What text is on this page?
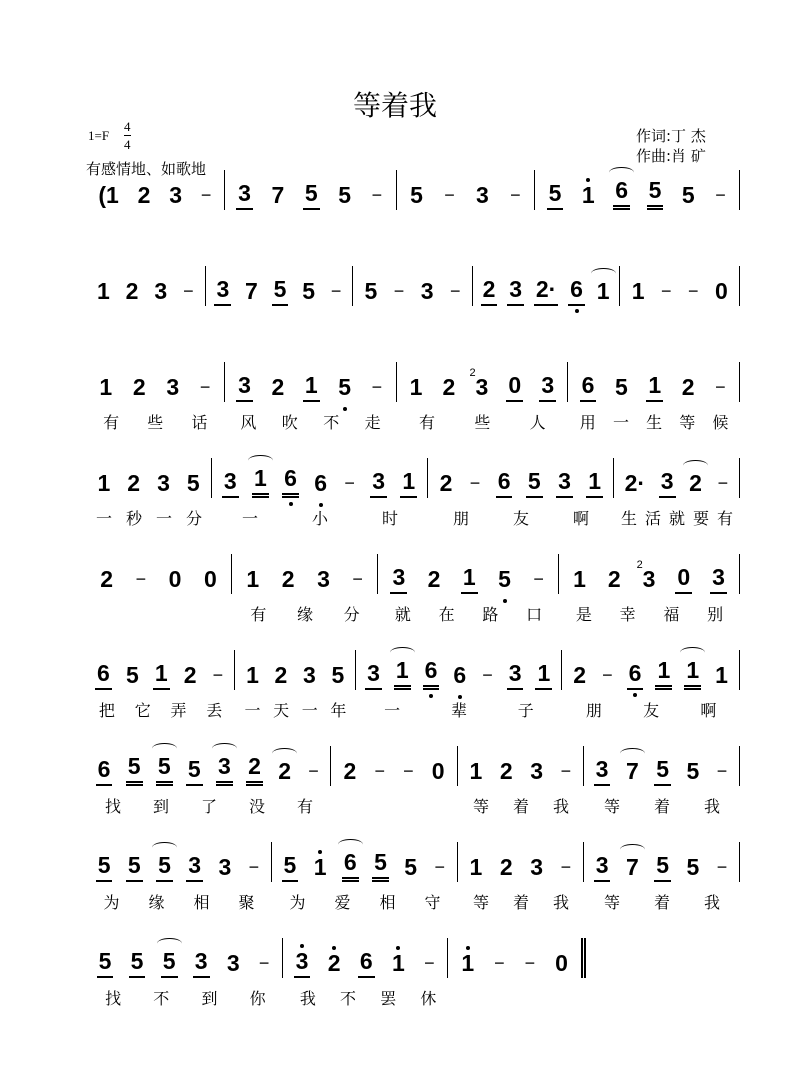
等着我
$1=F \frac{4}{4}$
有感情地、如歌地
作词:丁 杰
作曲:肖 矿
(1 2 3 − 3 7 5 5 − 5 − 3 − 5 1 6 5 5 −
1 2 3 − 3 7 5 5 − 5 − 3 − 2 3 2· 6 1 1 − − 0
1 2 3 − 3 2 1 5 − 1 2 3
2 0 3 6 5 1 2 −
有 些 话 风 吹 不 走 有 些 人 用 一 生 等 候
1 2 3 5 3 1 6 6 − 3 1 2 − 6 5 3 1 2· 3 2 −
一 秒 一 分 一	小	时	朋	友	啊 生 活 就 要 有
2 − 0 0 1 2 3 − 3 2 1 5 − 1 2 3
2 0 3
有 缘 分 就 在 路 口 是 幸 福 别
6 5 1 2 − 1 2 3 5 3 1 6 6 − 3 1 2 − 6 1 1 1
把 它 弄 丢 一 天 一 年 一	辈	子	朋	友	啊
6 5 5 5 3 2 2 − 2 − − 0 1 2 3 − 3 7 5 5 −
找 到 了 没 有	等 着 我 等 着 我
5 5 5 3 3 − 5 1 6 5 5 − 1 2 3 − 3 7 5 5 −
为 缘 相 聚 为 爱 相 守 等 着 我 等 着 我
5 5 5 3 3 − 3 2 6 1 − 1 − − 0
找 不 到 你 我 不 罢 休
